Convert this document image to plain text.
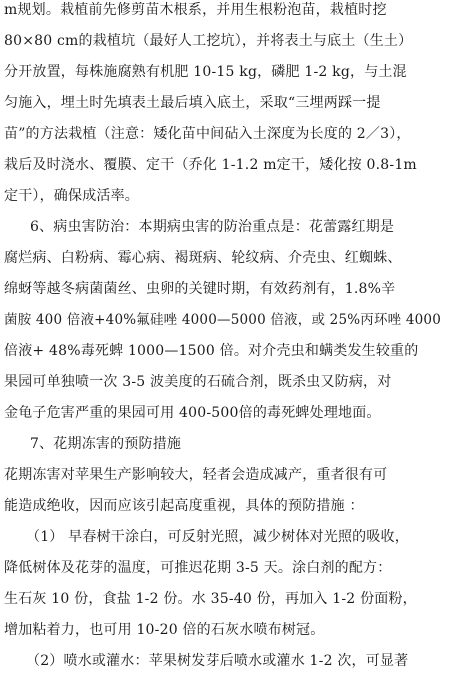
m规划。栽植前先修剪苗木根系，并用生根粉泡苗，栽植时挖
80×80 cm的栽植坑（最好人工挖坑），并将表土与底土（生土）
分开放置，每株施腐熟有机肥 10-15 kg，磷肥 1-2 kg，与土混
匀施入，埋土时先填表土最后填入底土，采取“三埋两踩一提
苗”的方法栽植（注意：矮化苗中间砧入土深度为长度的 2／3），
栽后及时浇水、覆膜、定干（乔化 1-1.2 m定干，矮化按 0.8-1m
定干），确保成活率。
6、病虫害防治：本期病虫害的防治重点是：花蕾露红期是
腐烂病、白粉病、霉心病、褐斑病、轮纹病、介壳虫、红蜘蛛、
绵蚜等越冬病菌菌丝、虫卵的关键时期，有效药剂有，1.8%辛
菌胺 400 倍液+40%氟硅唑 4000—5000 倍液，或 25%丙环唑 4000
倍液+ 48%毒死蜱 1000—1500 倍。对介壳虫和螨类发生较重的
果园可单独喷一次 3-5 波美度的石硫合剂，既杀虫又防病，对
金龟子危害严重的果园可用 400-500倍的毒死蜱处理地面。
7、花期冻害的预防措施
花期冻害对苹果生产影响较大，轻者会造成减产，重者很有可
能造成绝收，因而应该引起高度重视，具体的预防措施 ：
（1） 早春树干涂白，可反射光照，减少树体对光照的吸收，
降低树体及花芽的温度，可推迟花期 3-5 天。涂白剂的配方：
生石灰 10 份，食盐 1-2 份。水 35-40 份，再加入 1-2 份面粉，
增加粘着力，也可用 10-20 倍的石灰水喷布树冠。
（2）喷水或灌水：苹果树发芽后喷水或灌水 1-2 次，可显著
